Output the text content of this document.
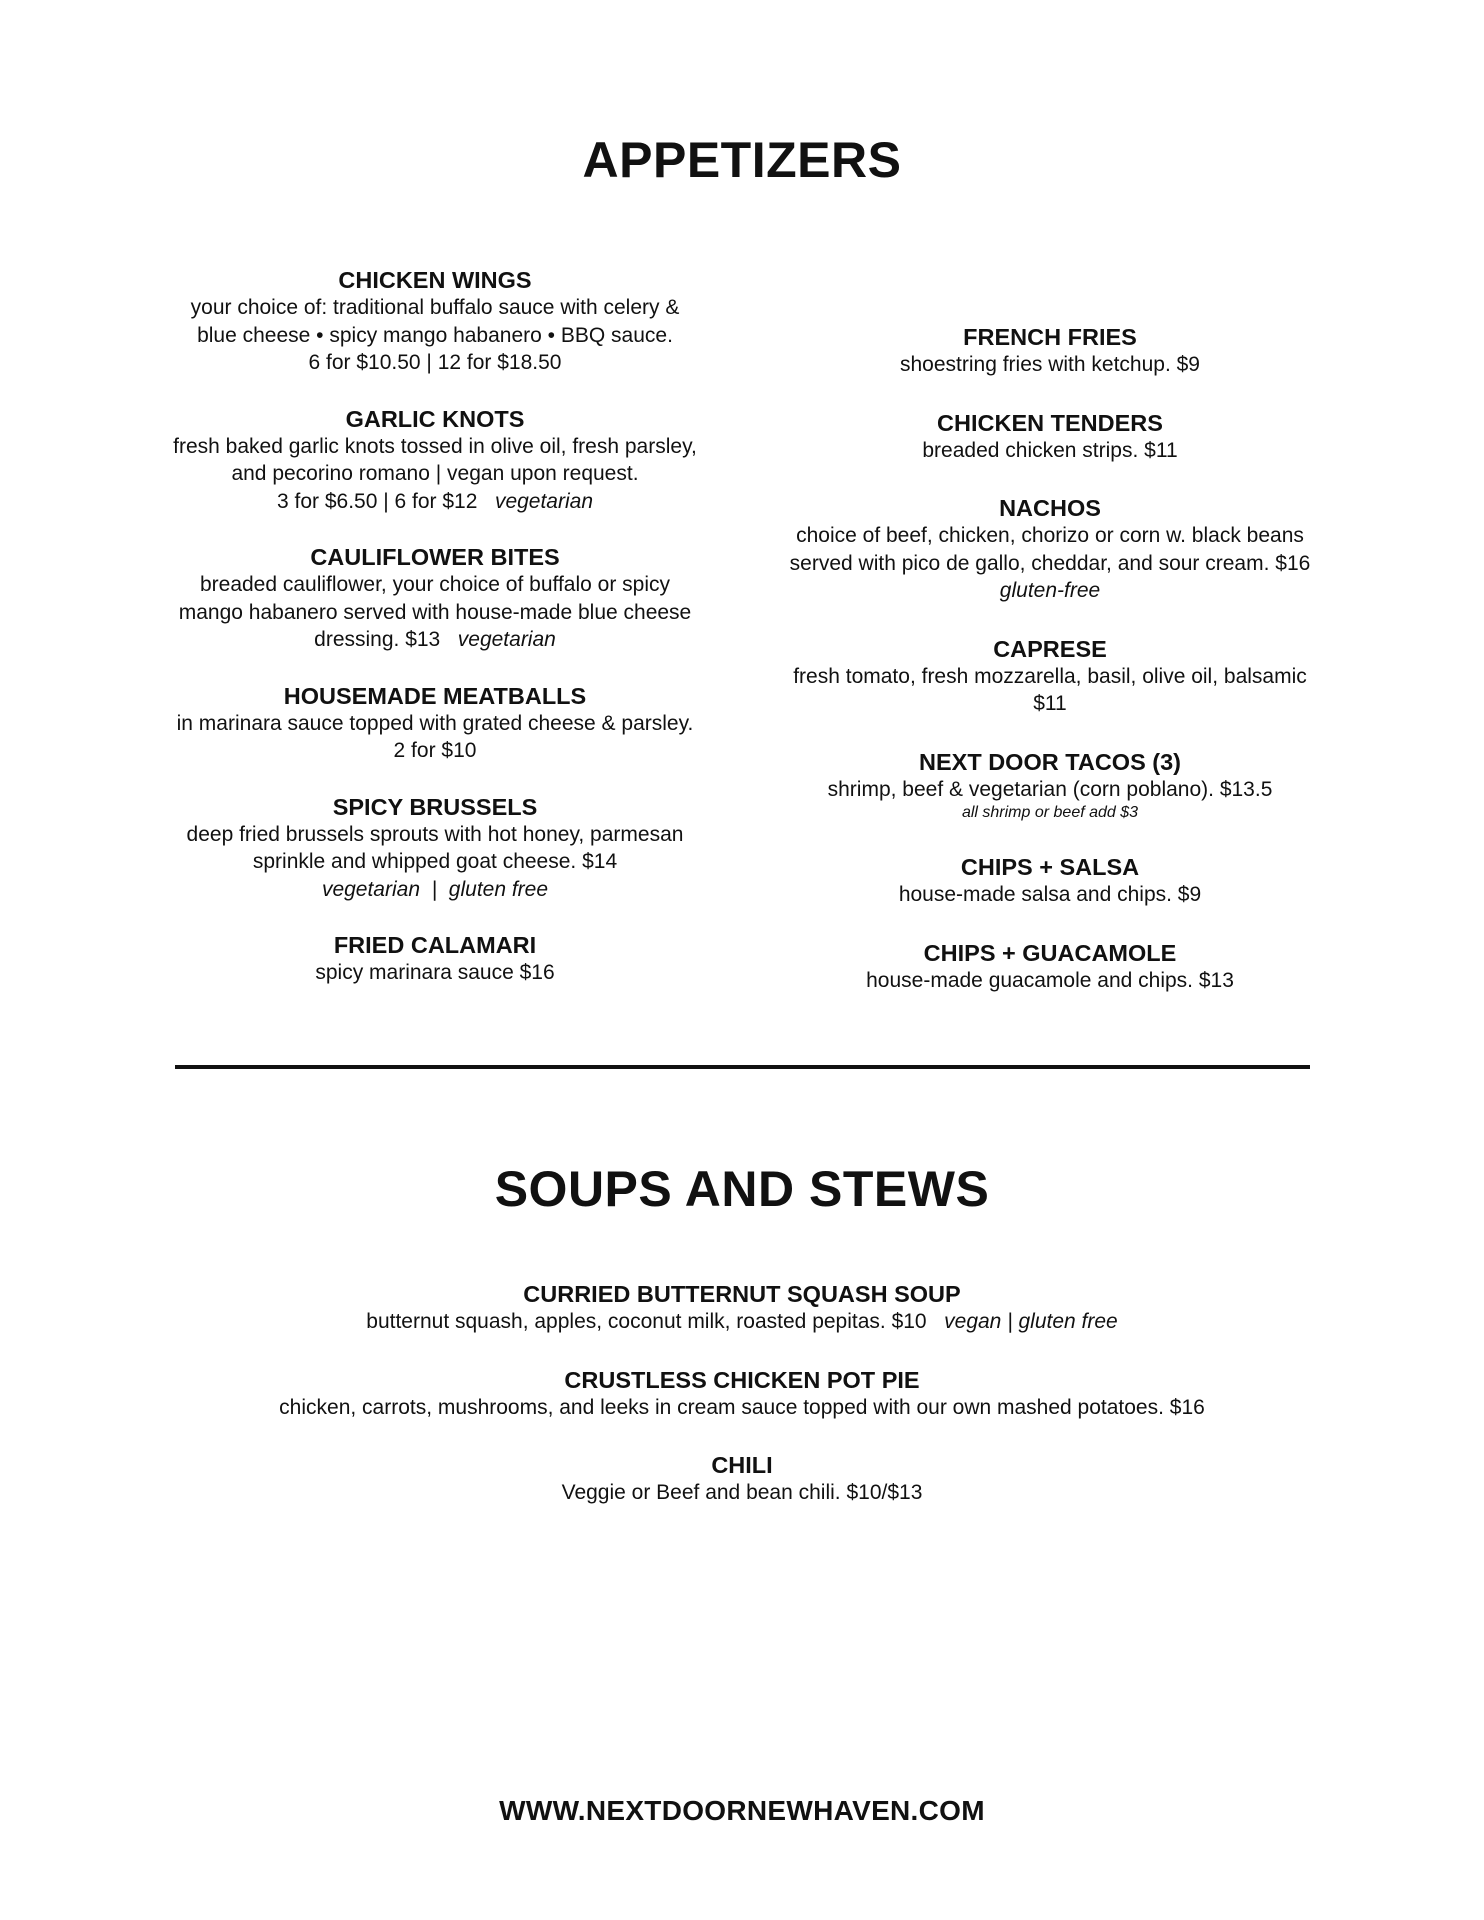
APPETIZERS

CHICKEN WINGS

your choice of: traditional buffalo sauce with celery & blue cheese • spicy mango habanero • BBQ sauce.
6 for $10.50 | 12 for $18.50

GARLIC KNOTS

fresh baked garlic knots tossed in olive oil, fresh parsley, and pecorino romano | vegan upon request.
3 for $6.50 | 6 for $12 vegetarian

CAULIFLOWER BITES

breaded cauliflower, your choice of buffalo or spicy mango habanero served with house-made blue cheese dressing. $13 vegetarian

HOUSEMADE MEATBALLS

in marinara sauce topped with grated cheese & parsley. 2 for $10

SPICY BRUSSELS

deep fried brussels sprouts with hot honey, parmesan sprinkle and whipped goat cheese. $14
vegetarian  |  gluten free

FRIED CALAMARI

spicy marinara sauce $16

FRENCH FRIES

shoestring fries with ketchup. $9

CHICKEN TENDERS

breaded chicken strips. $11

NACHOS

choice of beef, chicken, chorizo or corn w. black beans served with pico de gallo, cheddar, and sour cream. $16 gluten-free

CAPRESE

fresh tomato, fresh mozzarella, basil, olive oil, balsamic $11

NEXT DOOR TACOS (3)

shrimp, beef & vegetarian (corn poblano). $13.5

all shrimp or beef add $3

CHIPS + SALSA

house-made salsa and chips. $9

CHIPS + GUACAMOLE

house-made guacamole and chips. $13

SOUPS AND STEWS

CURRIED BUTTERNUT SQUASH SOUP

butternut squash, apples, coconut milk, roasted pepitas. $10 vegan | gluten free

CRUSTLESS CHICKEN POT PIE

chicken, carrots, mushrooms, and leeks in cream sauce topped with our own mashed potatoes. $16

CHILI

Veggie or Beef and bean chili. $10/$13

WWW.NEXTDOORNEWHAVEN.COM
